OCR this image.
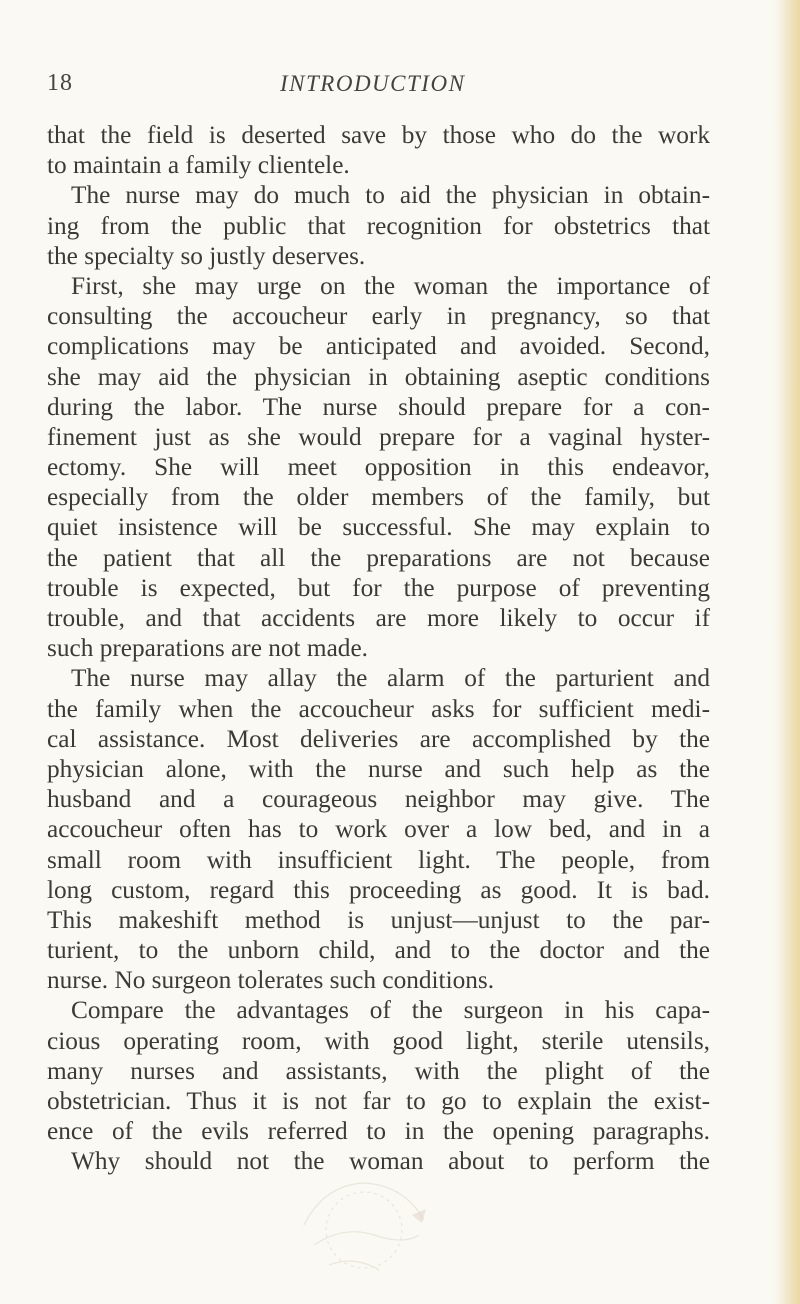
18	INTRODUCTION
that the field is deserted save by those who do the work
to maintain a family clientele.
The nurse may do much to aid the physician in obtain-
ing from the public that recognition for obstetrics that
the specialty so justly deserves.
First, she may urge on the woman the importance of
consulting the accoucheur early in pregnancy, so that
complications may be anticipated and avoided. Second,
she may aid the physician in obtaining aseptic conditions
during the labor. The nurse should prepare for a con-
finement just as she would prepare for a vaginal hyster-
ectomy. She will meet opposition in this endeavor,
especially from the older members of the family, but
quiet insistence will be successful. She may explain to
the patient that all the preparations are not because
trouble is expected, but for the purpose of preventing
trouble, and that accidents are more likely to occur if
such preparations are not made.
The nurse may allay the alarm of the parturient and
the family when the accoucheur asks for sufficient medi-
cal assistance. Most deliveries are accomplished by the
physician alone, with the nurse and such help as the
husband and a courageous neighbor may give. The
accoucheur often has to work over a low bed, and in a
small room with insufficient light. The people, from
long custom, regard this proceeding as good. It is bad.
This makeshift method is unjust—unjust to the par-
turient, to the unborn child, and to the doctor and the
nurse. No surgeon tolerates such conditions.
Compare the advantages of the surgeon in his capa-
cious operating room, with good light, sterile utensils,
many nurses and assistants, with the plight of the
obstetrician. Thus it is not far to go to explain the exist-
ence of the evils referred to in the opening paragraphs.
Why should not the woman about to perform the
